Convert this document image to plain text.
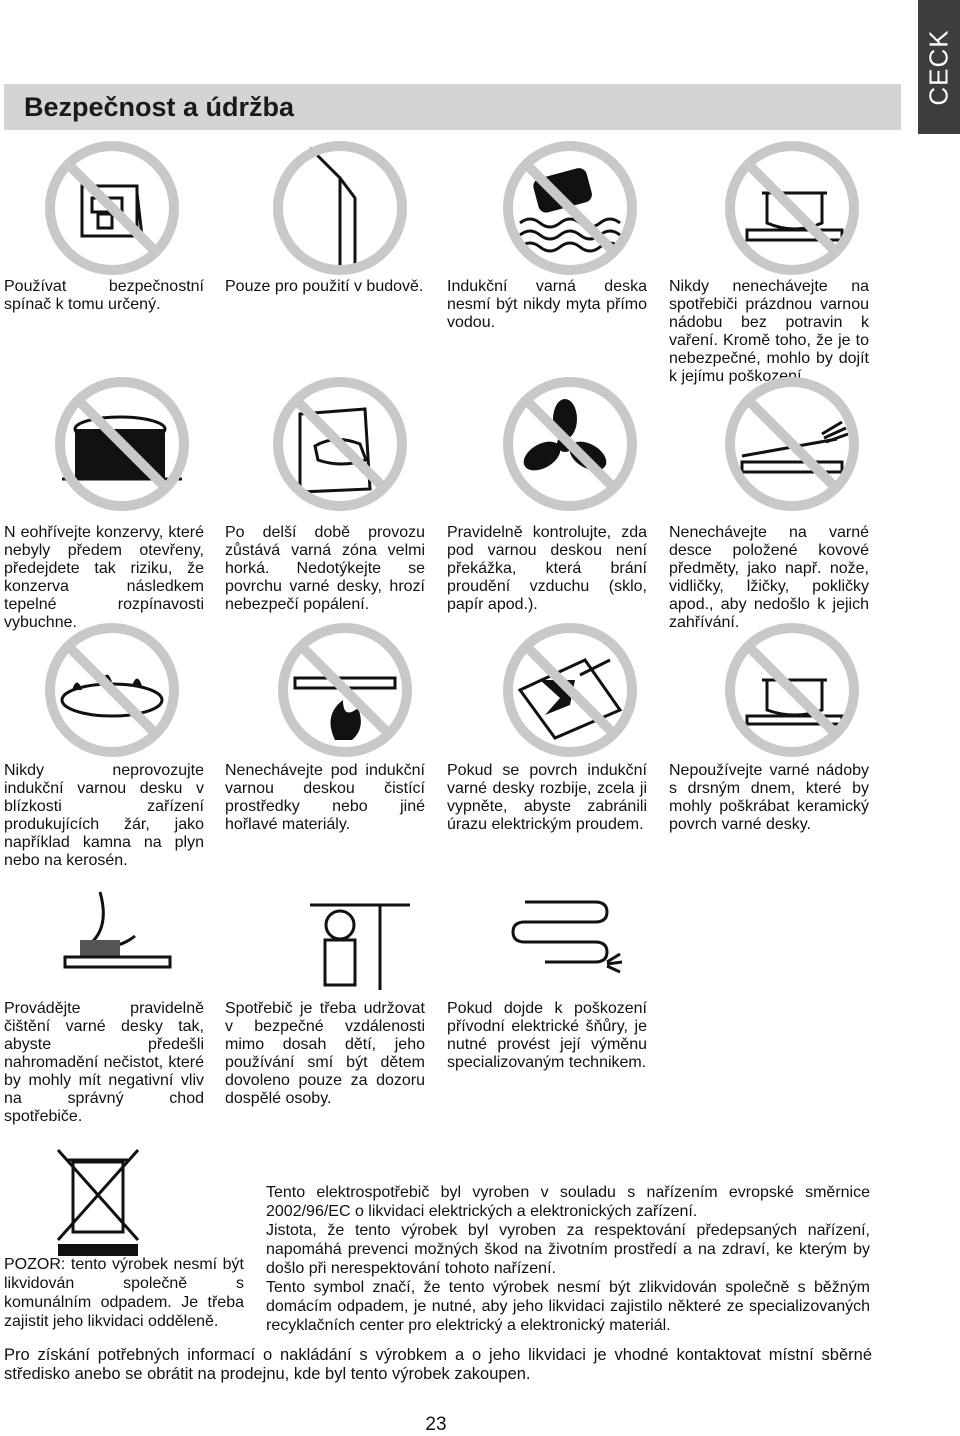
CECK
Bezpečnost a údržba
Používat bezpečnostní spínač k tomu určený.
Pouze pro použití v budově. Indukční varná deska nesmí být nikdy myta přímo vodou.
Nikdy nenechávejte na spotřebiči prázdnou varnou nádobu bez potravin k vaření. Kromě toho, že je to nebezpečné, mohlo by dojít k jejímu poškození.
N eohřívejte konzervy, které nebyly předem otevřeny, předejdete tak riziku, že konzerva následkem tepelné rozpínavosti vybuchne.
Po delší době provozu zůstává varná zóna velmi horká. Nedotýkejte se povrchu varné desky, hrozí nebezpečí popálení.
Pravidelně kontrolujte, zda pod varnou deskou není překážka, která brání proudění vzduchu (sklo, papír apod.).
Nenechávejte na varné desce položené kovové předměty, jako např. nože, vidličky, lžičky, pokličky apod., aby nedošlo k jejich zahřívání.
Nikdy neprovozujte indukční varnou desku v blízkosti zařízení produkujících žár, jako například kamna na plyn nebo na kerosén.
Nenechávejte pod indukční varnou deskou čistící prostředky nebo jiné hořlavé materiály.
Pokud se povrch indukční varné desky rozbije, zcela ji vypněte, abyste zabránili úrazu elektrickým proudem.
Nepoužívejte varné nádoby s drsným dnem, které by mohly poškrábat keramický povrch varné desky.
Provádějte pravidelně čištění varné desky tak, abyste předešli nahromadění nečistot, které by mohly mít negativní vliv na správný chod spotřebiče.
Spotřebič je třeba udržovat v bezpečné vzdálenosti mimo dosah dětí, jeho používání smí být dětem dovoleno pouze za dozoru dospělé osoby.
Pokud dojde k poškození přívodní elektrické šňůry, je nutné provést její výměnu specializovaným technikem.
POZOR: tento výrobek nesmí být likvidován společně s komunálním odpadem. Je třeba zajistit jeho likvidaci odděleně.
Tento elektrospotřebič byl vyroben v souladu s nařízením evropské směrnice 2002/96/EC o likvidaci elektrických a elektronických zařízení.
Jistota, že tento výrobek byl vyroben za respektování předepsaných nařízení, napomáhá prevenci možných škod na životním prostředí a na zdraví, ke kterým by došlo při nerespektování tohoto nařízení.
Tento symbol značí, že tento výrobek nesmí být zlikvidován společně s běžným domácím odpadem, je nutné, aby jeho likvidaci zajistilo některé ze specializovaných recyklačních center pro elektrický a elektronický materiál.
Pro získání potřebných informací o nakládání s výrobkem a o jeho likvidaci je vhodné kontaktovat místní sběrné středisko anebo se obrátit na prodejnu, kde byl tento výrobek zakoupen.
23
